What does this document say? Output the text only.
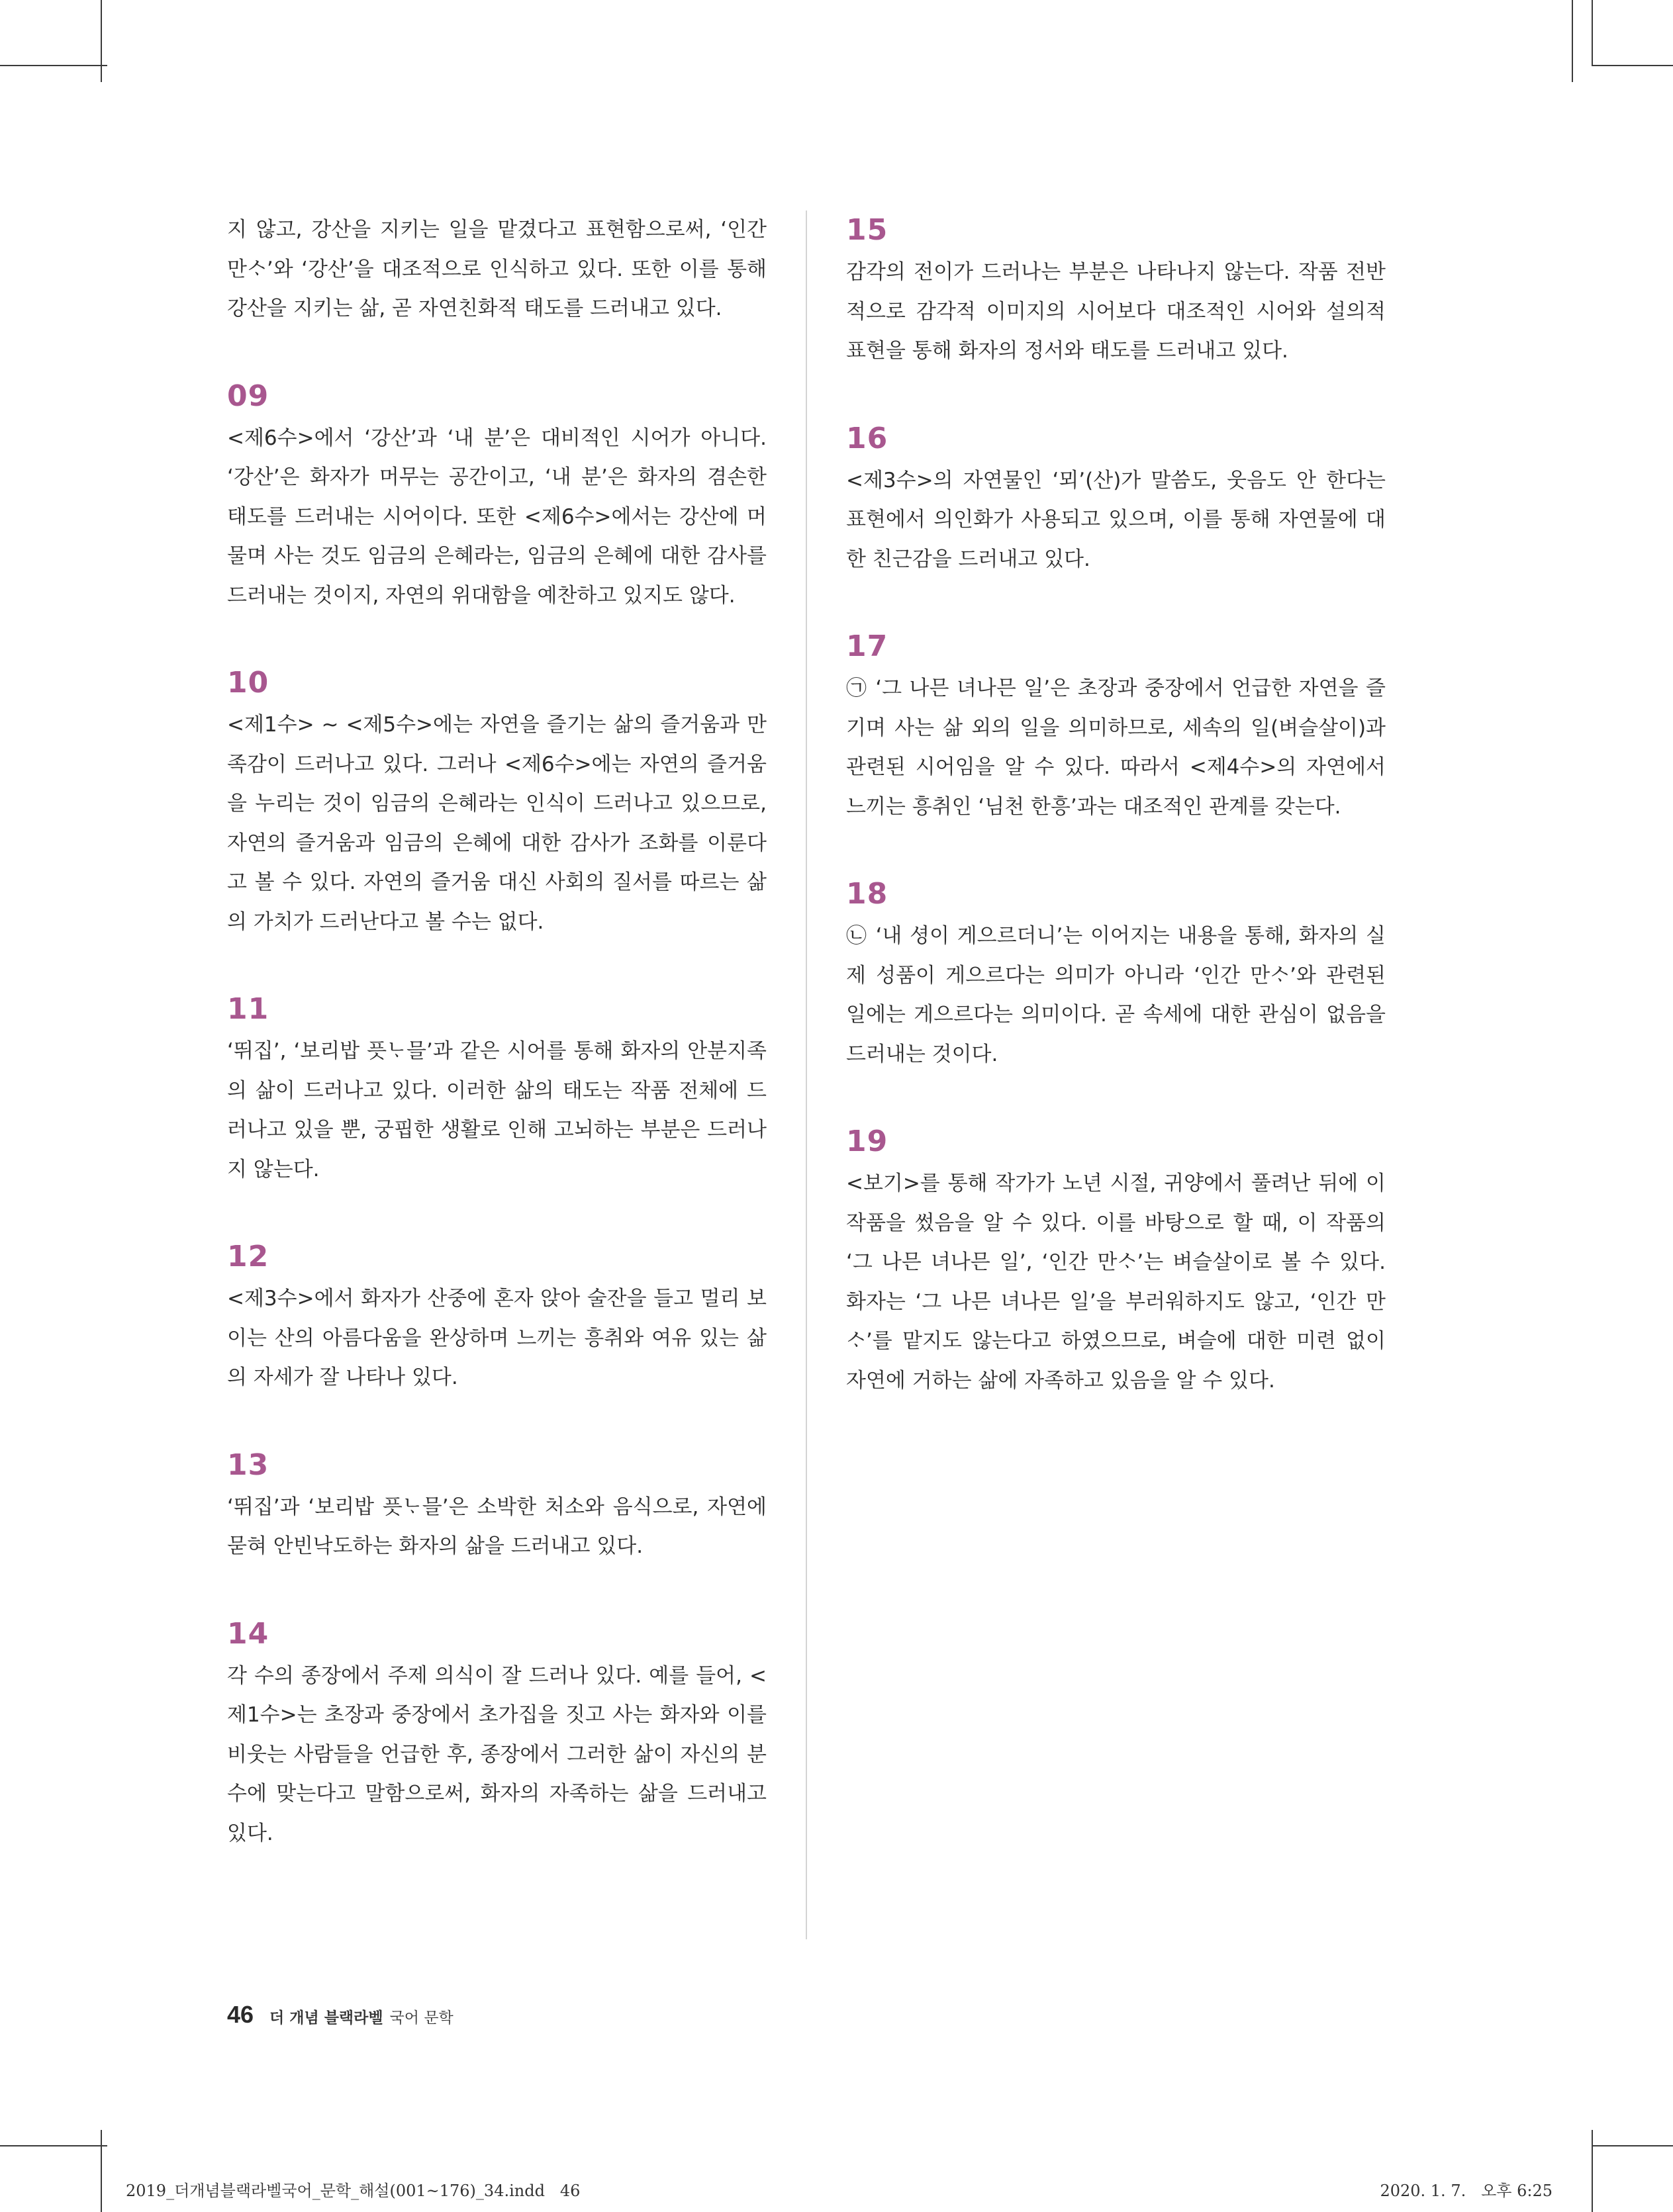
지 않고, 강산을 지키는 일을 맡겼다고 표현함으로써, ‘인간 만ᄉᆞ’와 ‘강산’을 대조적으로 인식하고 있다. 또한 이를 통해 강산을 지키는 삶, 곧 자연친화적 태도를 드러내고 있다.

09

<제6수>에서 ‘강산’과 ‘내 분’은 대비적인 시어가 아니다. ‘강산’은 화자가 머무는 공간이고, ‘내 분’은 화자의 겸손한 태도를 드러내는 시어이다. 또한 <제6수>에서는 강산에 머물며 사는 것도 임금의 은혜라는, 임금의 은혜에 대한 감사를 드러내는 것이지, 자연의 위대함을 예찬하고 있지도 않다.

10

<제1수> ~ <제5수>에는 자연을 즐기는 삶의 즐거움과 만족감이 드러나고 있다. 그러나 <제6수>에는 자연의 즐거움을 누리는 것이 임금의 은혜라는 인식이 드러나고 있으므로, 자연의 즐거움과 임금의 은혜에 대한 감사가 조화를 이룬다고 볼 수 있다. 자연의 즐거움 대신 사회의 질서를 따르는 삶의 가치가 드러난다고 볼 수는 없다.

11

‘뛰집’, ‘보리밥 픗ᄂᆞ믈’과 같은 시어를 통해 화자의 안분지족의 삶이 드러나고 있다. 이러한 삶의 태도는 작품 전체에 드러나고 있을 뿐, 궁핍한 생활로 인해 고뇌하는 부분은 드러나지 않는다.

12

<제3수>에서 화자가 산중에 혼자 앉아 술잔을 들고 멀리 보이는 산의 아름다움을 완상하며 느끼는 흥취와 여유 있는 삶의 자세가 잘 나타나 있다.

13

‘뛰집’과 ‘보리밥 픗ᄂᆞ믈’은 소박한 처소와 음식으로, 자연에 묻혀 안빈낙도하는 화자의 삶을 드러내고 있다.

14

각 수의 종장에서 주제 의식이 잘 드러나 있다. 예를 들어, <제1수>는 초장과 중장에서 초가집을 짓고 사는 화자와 이를 비웃는 사람들을 언급한 후, 종장에서 그러한 삶이 자신의 분수에 맞는다고 말함으로써, 화자의 자족하는 삶을 드러내고 있다.

15

감각의 전이가 드러나는 부분은 나타나지 않는다. 작품 전반적으로 감각적 이미지의 시어보다 대조적인 시어와 설의적 표현을 통해 화자의 정서와 태도를 드러내고 있다.

16

<제3수>의 자연물인 ‘뫼’(산)가 말씀도, 웃음도 안 한다는 표현에서 의인화가 사용되고 있으며, 이를 통해 자연물에 대한 친근감을 드러내고 있다.

17

㉠ ‘그 나믄 녀나믄 일’은 초장과 중장에서 언급한 자연을 즐기며 사는 삶 외의 일을 의미하므로, 세속의 일(벼슬살이)과 관련된 시어임을 알 수 있다. 따라서 <제4수>의 자연에서 느끼는 흥취인 ‘님천 한흥’과는 대조적인 관계를 갖는다.

18

㉡ ‘내 셩이 게으르더니’는 이어지는 내용을 통해, 화자의 실제 성품이 게으르다는 의미가 아니라 ‘인간 만ᄉᆞ’와 관련된 일에는 게으르다는 의미이다. 곧 속세에 대한 관심이 없음을 드러내는 것이다.

19

<보기>를 통해 작가가 노년 시절, 귀양에서 풀려난 뒤에 이 작품을 썼음을 알 수 있다. 이를 바탕으로 할 때, 이 작품의 ‘그 나믄 녀나믄 일’, ‘인간 만ᄉᆞ’는 벼슬살이로 볼 수 있다. 화자는 ‘그 나믄 녀나믄 일’을 부러워하지도 않고, ‘인간 만ᄉᆞ’를 맡지도 않는다고 하였으므로, 벼슬에 대한 미련 없이 자연에 거하는 삶에 자족하고 있음을 알 수 있다.

46 더 개념 블랙라벨 국어 문학
2019_더개념블랙라벨국어_문학_해설(001~176)_34.indd   46	2020. 1. 7.   오후 6:25
